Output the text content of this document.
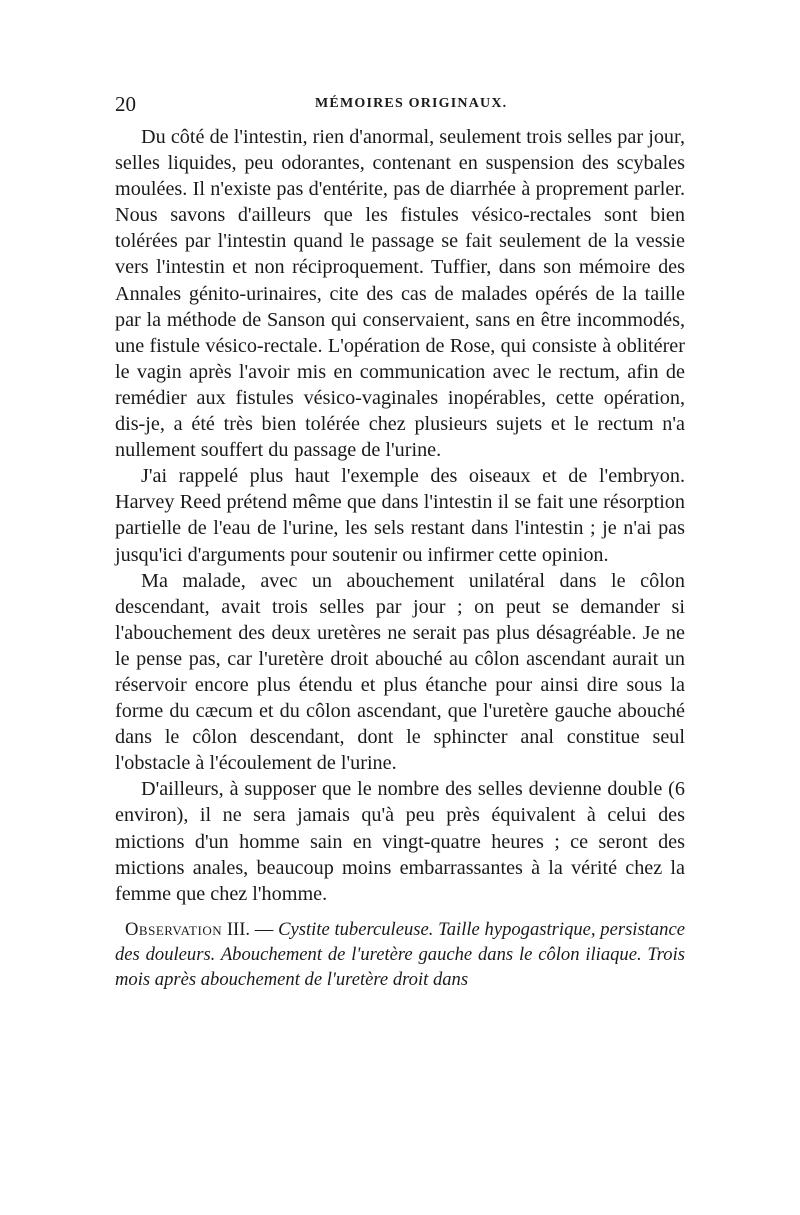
20	MÉMOIRES ORIGINAUX.

Du côté de l'intestin, rien d'anormal, seulement trois selles par jour, selles liquides, peu odorantes, contenant en suspension des scybales moulées. Il n'existe pas d'entérite, pas de diarrhée à proprement parler. Nous savons d'ailleurs que les fistules vésico-rectales sont bien tolérées par l'intestin quand le passage se fait seulement de la vessie vers l'intestin et non réciproquement. Tuffier, dans son mémoire des Annales génito-urinaires, cite des cas de malades opérés de la taille par la méthode de Sanson qui conservaient, sans en être incommodés, une fistule vésico-rectale. L'opération de Rose, qui consiste à oblitérer le vagin après l'avoir mis en communication avec le rectum, afin de remédier aux fistules vésico-vaginales inopérables, cette opération, dis-je, a été très bien tolérée chez plusieurs sujets et le rectum n'a nullement souffert du passage de l'urine.

J'ai rappelé plus haut l'exemple des oiseaux et de l'embryon. Harvey Reed prétend même que dans l'intestin il se fait une résorption partielle de l'eau de l'urine, les sels restant dans l'intestin ; je n'ai pas jusqu'ici d'arguments pour soutenir ou infirmer cette opinion.

Ma malade, avec un abouchement unilatéral dans le côlon descendant, avait trois selles par jour ; on peut se demander si l'abouchement des deux uretères ne serait pas plus désagréable. Je ne le pense pas, car l'uretère droit abouché au côlon ascendant aurait un réservoir encore plus étendu et plus étanche pour ainsi dire sous la forme du cæcum et du côlon ascendant, que l'uretère gauche abouché dans le côlon descendant, dont le sphincter anal constitue seul l'obstacle à l'écoulement de l'urine.

D'ailleurs, à supposer que le nombre des selles devienne double (6 environ), il ne sera jamais qu'à peu près équivalent à celui des mictions d'un homme sain en vingt-quatre heures ; ce seront des mictions anales, beaucoup moins embarrassantes à la vérité chez la femme que chez l'homme.

Observation III. — Cystite tuberculeuse. Taille hypogastrique, persistance des douleurs. Abouchement de l'uretère gauche dans le côlon iliaque. Trois mois après abouchement de l'uretère droit dans
